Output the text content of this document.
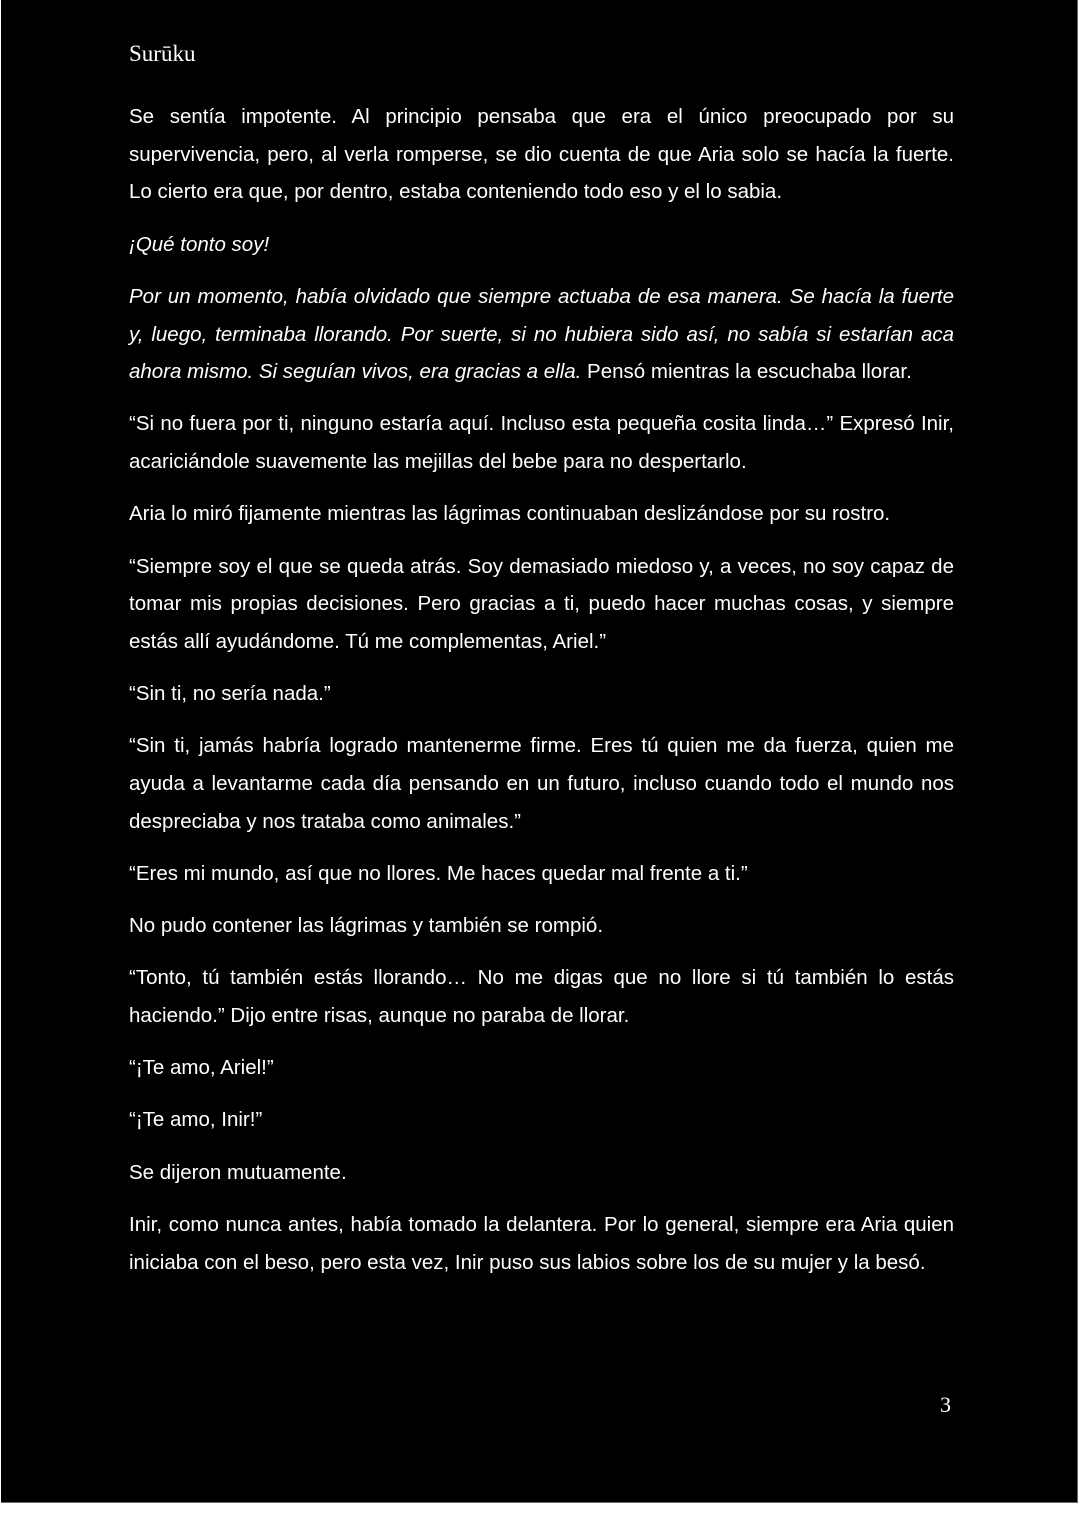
Surūku

Se sentía impotente. Al principio pensaba que era el único preocupado por su supervivencia, pero, al verla romperse, se dio cuenta de que Aria solo se hacía la fuerte. Lo cierto era que, por dentro, estaba conteniendo todo eso y el lo sabia.

¡Qué tonto soy!

Por un momento, había olvidado que siempre actuaba de esa manera. Se hacía la fuerte y, luego, terminaba llorando. Por suerte, si no hubiera sido así, no sabía si estarían aca ahora mismo. Si seguían vivos, era gracias a ella. Pensó mientras la escuchaba llorar.

“Si no fuera por ti, ninguno estaría aquí. Incluso esta pequeña cosita linda…” Expresó Inir, acariciándole suavemente las mejillas del bebe para no despertarlo.

Aria lo miró fijamente mientras las lágrimas continuaban deslizándose por su rostro.

“Siempre soy el que se queda atrás. Soy demasiado miedoso y, a veces, no soy capaz de tomar mis propias decisiones. Pero gracias a ti, puedo hacer muchas cosas, y siempre estás allí ayudándome. Tú me complementas, Ariel.”

“Sin ti, no sería nada.”

“Sin ti, jamás habría logrado mantenerme firme. Eres tú quien me da fuerza, quien me ayuda a levantarme cada día pensando en un futuro, incluso cuando todo el mundo nos despreciaba y nos trataba como animales.”

“Eres mi mundo, así que no llores. Me haces quedar mal frente a ti.”

No pudo contener las lágrimas y también se rompió.

“Tonto, tú también estás llorando… No me digas que no llore si tú también lo estás haciendo.” Dijo entre risas, aunque no paraba de llorar.

“¡Te amo, Ariel!”

“¡Te amo, Inir!”

Se dijeron mutuamente.

Inir, como nunca antes, había tomado la delantera. Por lo general, siempre era Aria quien iniciaba con el beso, pero esta vez, Inir puso sus labios sobre los de su mujer y la besó.

3
